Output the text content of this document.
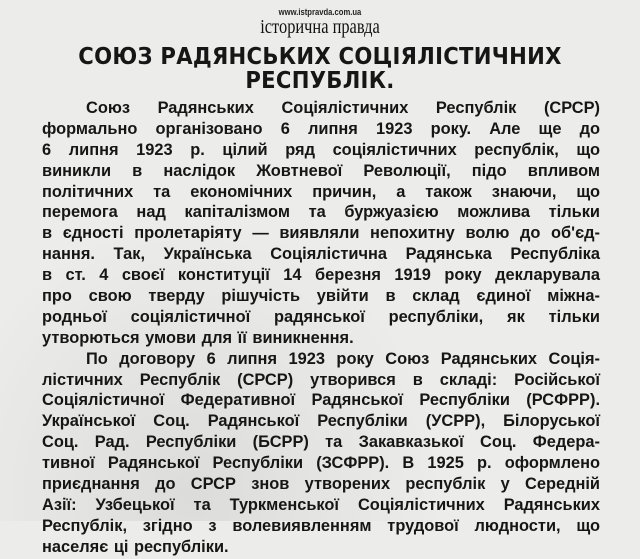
www.istpravda.com.ua
історична правда
СОЮЗ РАДЯНСЬКИХ СОЦІЯЛІСТИЧНИХ
РЕСПУБЛІК.
Союз Радянських Соціялістичних Республік (СРСР)
формально організовано 6 липня 1923 року. Але ще до
6 липня 1923 р. цілий ряд соціялістичних республік, що
виникли в наслідок Жовтневої Революції, підо впливом
політичних та економічних причин, а також знаючи, що
перемога над капіталізмом та буржуазією можлива тільки
в єдності пролетаріяту — виявляли непохитну волю до об'єд-
нання. Так, Українська Соціялістична Радянська Республіка
в ст. 4 своєї конституції 14 березня 1919 року декларувала
про свою тверду рішучість увійти в склад єдиної міжна-
родньої соціялістичної радянської республіки, як тільки
утворються умови для її виникнення.
По договору 6 липня 1923 року Союз Радянських Соція-
лістичних Республік (СРСР) утворився в складі: Російської
Соціялістичної Федеративної Радянської Республіки (РСФРР).
Української Соц. Радянської Республіки (УСРР), Білоруської
Соц. Рад. Республіки (БСРР) та Закавказької Соц. Федера-
тивної Радянської Республіки (ЗСФРР). В 1925 р. оформлено
приєднання до СРСР знов утворених республік у Середній
Азії: Узбецької та Туркменської Соціялістичних Радянських
Республік, згідно з волевиявленням трудової людности, що
населяє ці республіки.
